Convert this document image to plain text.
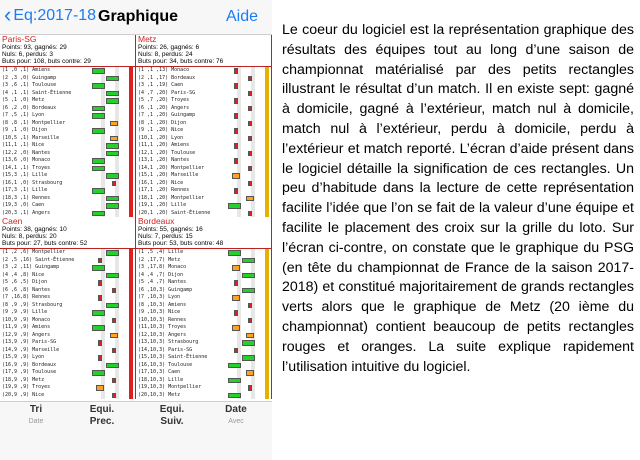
‹ Eq:2017-18 Graphique	Aide
Paris-SG
Points: 93, gagnés: 29
Nuls: 6, perdus: 3
Buts pour: 108, buts contre: 29
(1 ,0 ,1) Amiens
(2 ,3 ,0) Guingamp
(3 ,6 ,1) Toulouse
(4 ,1 ,1) Saint-Étienne
(5 ,1 ,0) Metz
(6 ,2 ,0) Bordeaux
(7 ,5 ,1) Lyon
(8 ,8 ,1) Montpellier
(9 ,1 ,0) Dijon
(10,5 ,1) Marseille
(11,1 ,1) Nice
(12,2 ,0) Nantes
(13,6 ,0) Monaco
(14,1 ,1) Troyes
(15,3 ,1) Lille
(16,1 ,0) Strasbourg
(17,3 ,1) Lille
(18,3 ,1) Rennes
(19,3 ,0) Caen
(20,3 ,1) Angers
Metz
Points: 26, gagnés: 6
Nuls: 8, perdus: 24
Buts pour: 34, buts contre: 76
(1 ,1 ,13) Monaco
(2 ,1 ,17) Bordeaux
(3 ,1 ,19) Caen
(4 ,7 ,20) Paris-SG
(5 ,7 ,20) Troyes
(6 ,1 ,20) Angers
(7 ,1 ,20) Guingamp
(8 ,1 ,20) Dijon
(9 ,1 ,20) Nice
(10,1 ,20) Lyon
(11,1 ,20) Amiens
(12,1 ,20) Toulouse
(13,1 ,20) Nantes
(14,1 ,20) Montpellier
(15,1 ,20) Marseille
(16,1 ,20) Nice
(17,1 ,20) Rennes
(18,1 ,20) Montpellier
(19,1 ,20) Lille
(20,1 ,20) Saint-Étienne
Caen
Points: 38, gagnés: 10
Nuls: 8, perdus: 20
Buts pour: 27, buts contre: 52
(1 ,2 ,6) Montpellier
(2 ,5 ,16) Saint-Étienne
(3 ,2 ,11) Guingamp
(4 ,4 ,8) Nice
(5 ,6 ,5) Dijon
(6 ,6 ,8) Nantes
(7 ,16,8) Rennes
(8 ,9 ,9) Strasbourg
(9 ,9 ,9) Lille
(10,9 ,9) Monaco
(11,9 ,9) Amiens
(12,9 ,9) Angers
(13,9 ,9) Paris-SG
(14,9 ,9) Marseille
(15,9 ,9) Lyon
(16,9 ,9) Bordeaux
(17,9 ,9) Toulouse
(18,9 ,9) Metz
(19,9 ,9) Troyes
(20,9 ,9) Nice
Bordeaux
Points: 55, gagnés: 16
Nuls: 7, perdus: 15
Buts pour: 53, buts contre: 48
(1 ,5 ,4) Lille
(2 ,17,7) Metz
(3 ,17,8) Monaco
(4 ,4 ,7) Dijon
(5 ,4 ,7) Nantes
(6 ,10,3) Guingamp
(7 ,10,3) Lyon
(8 ,10,3) Amiens
(9 ,10,3) Nice
(10,10,3) Rennes
(11,10,3) Troyes
(12,10,3) Angers
(13,10,3) Strasbourg
(14,10,3) Paris-SG
(15,10,3) Saint-Étienne
(16,10,3) Toulouse
(17,10,3) Caen
(18,10,3) Lille
(19,10,3) Montpellier
(20,10,3) Metz
Tri
Date
Equi.
Prec.
Equi.
Suiv.
Date
Avec
Le coeur du logiciel est la représentation graphique des résultats des équipes tout au long d’une saison de championnat matérialisé par des petits rectangles illustrant le résultat d’un match. Il en existe sept: gagné à domicile, gagné à l’extérieur, match nul à domicile, match nul à l’extérieur, perdu à domicile, perdu à l’extérieur et match reporté. L’écran d’aide présent dans le logiciel détaille la signification de ces rectangles. Un peu d’habitude dans la lecture de cette représentation facilite l’idée que l’on se fait de la valeur d’une équipe et facilite le placement des croix sur la grille du loto. Sur l’écran ci-contre, on constate que le graphique du PSG (en tête du championnat de France de la saison 2017-2018) et constitué majoritairement de grands rectangles verts alors que le graphique de Metz (20 ième du championnat) contient beaucoup de petits rectangles rouges et oranges. La suite explique rapidement l’utilisation intuitive du logiciel.
